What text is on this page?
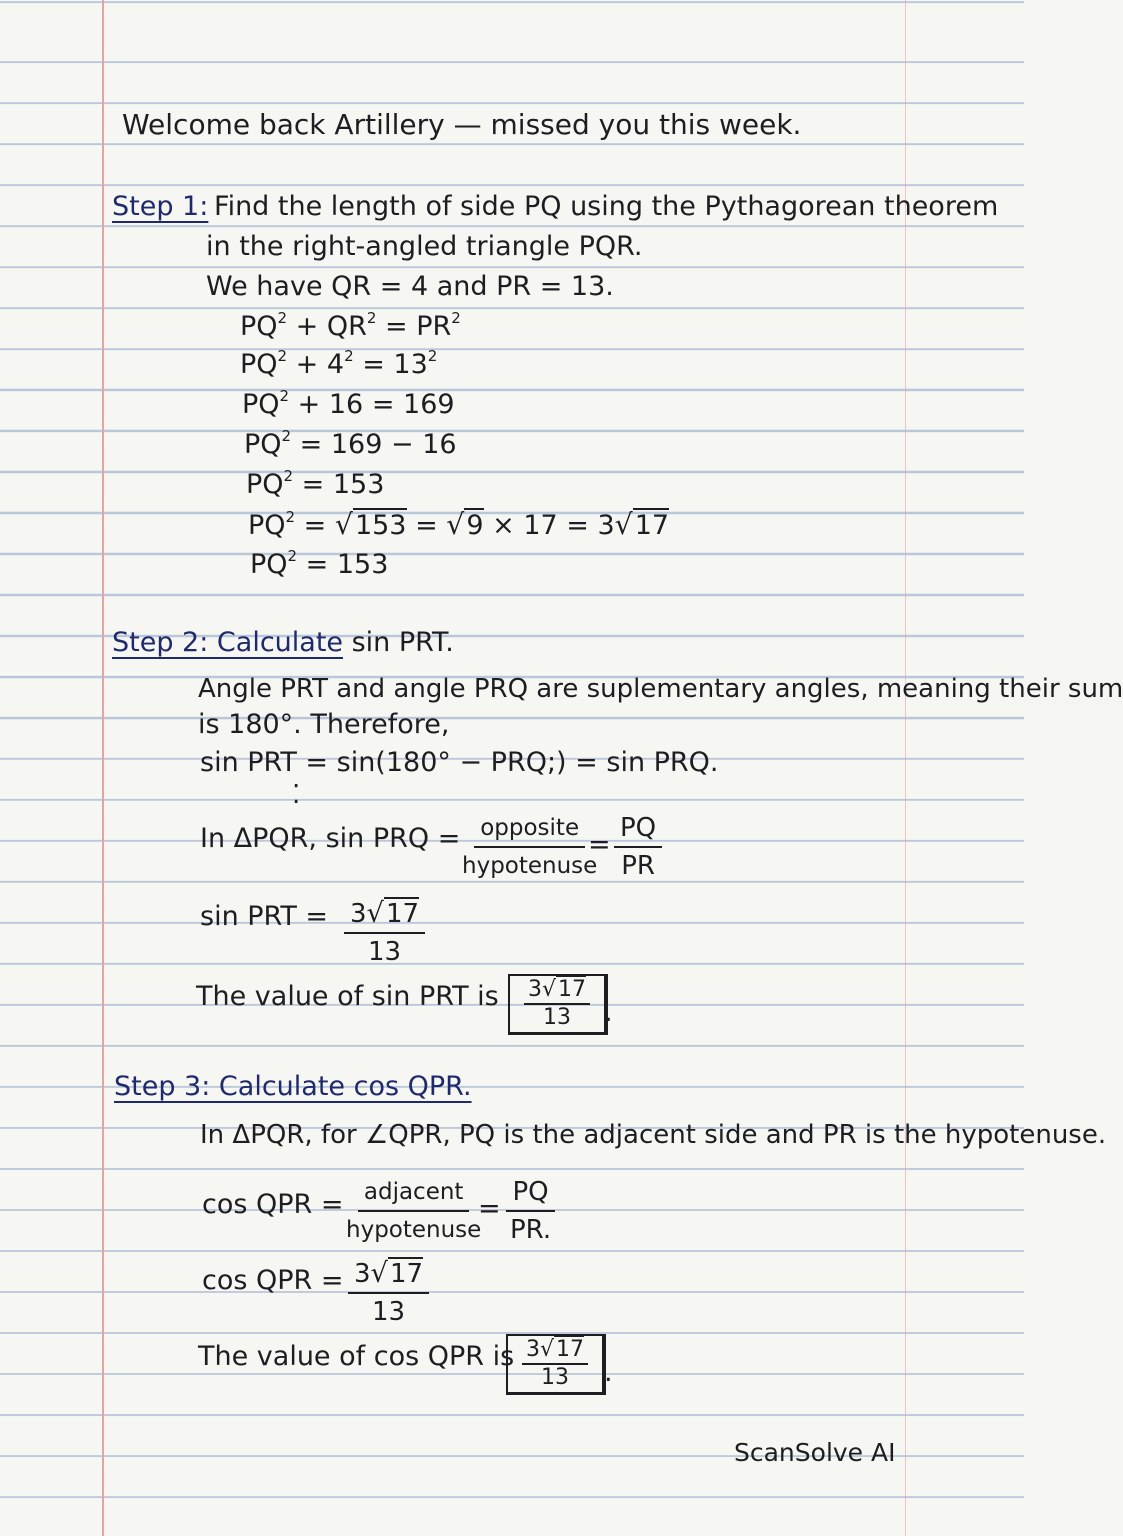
Welcome back Artillery — missed you this week.
Step 1: Find the length of side PQ using the Pythagorean theorem
in the right-angled triangle PQR.
We have QR = 4 and PR = 13.
$PQ^2 + QR^2 = PR^2$
$PQ^2 + 4^2 = 13^2$
$PQ^2 + 16 = 169$
$PQ^2 = 169 - 16$
$PQ^2 = 153$
$PQ^2 = √153 = √9 \times 17 = 3√17$
$PQ^2 = 153$
Step 2: Calculate sin PRT.
Angle PRT and angle PRQ are suplementary angles, meaning their sum
is 180°. Therefore,
sin PRT = sin(180° − PRQ;) = sin PRQ.
⁚
In ΔPQR, sin PRQ = opposite
hypotenuse
= $\frac{PQ}{PR}$
sin PRT = $\frac{3√17}{13}$
The value of sin PRT is $\frac{3√17}{13}$
.
Step 3: Calculate cos QPR.
In ΔPQR, for ∠QPR, PQ is the adjacent side and PR is the hypotenuse.
cos QPR = adjacent
hypotenuse
= $\frac{PQ}{PR.}$
cos QPR = $\frac{3√17}{13}$
The value of cos QPR is
$\frac{3√17}{13}$
.
ScanSolve AI
